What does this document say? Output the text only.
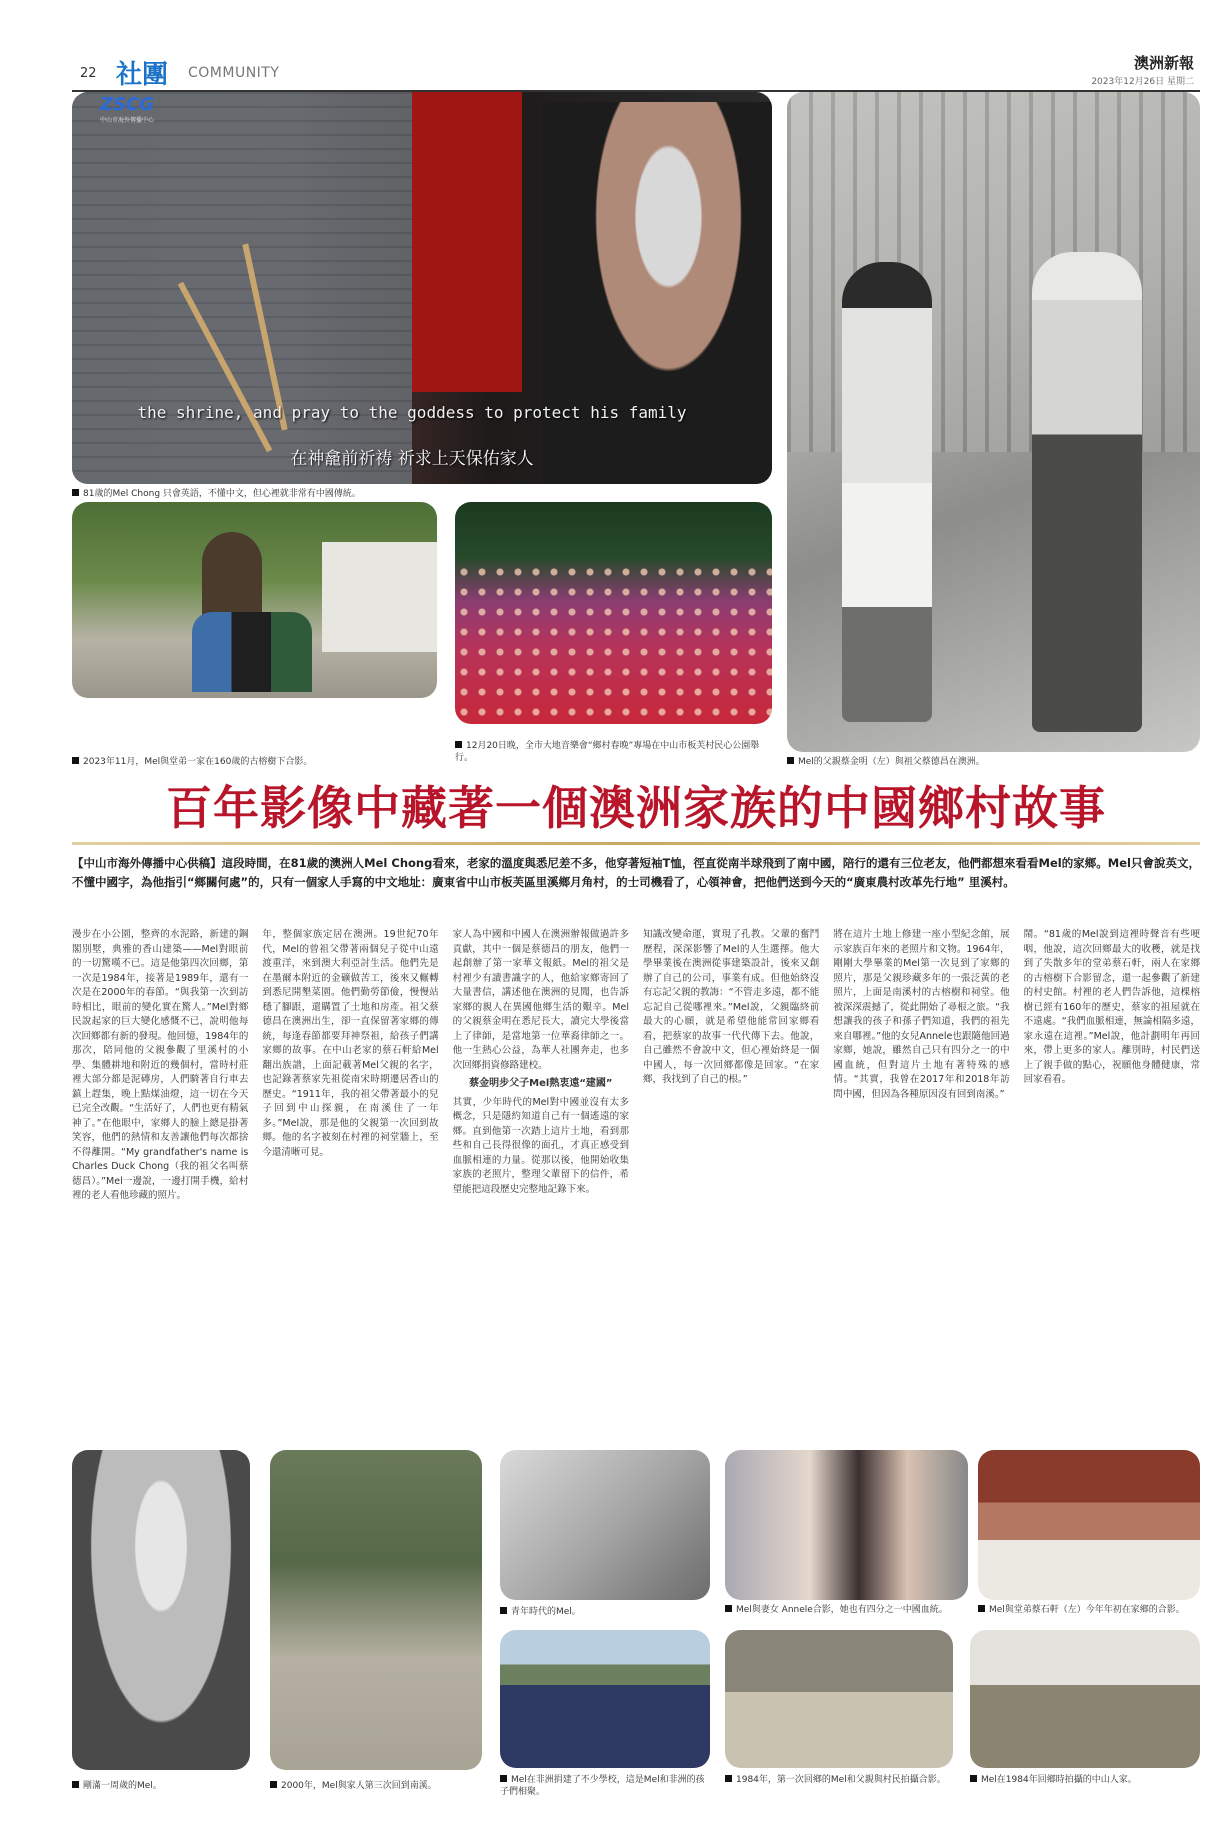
22 社團 COMMUNITY
澳洲新報
2023年12月26日 星期二
ZSCG
中山市海外傳播中心
the shrine, and pray to the goddess to protect his family
在神龕前祈祷 祈求上天保佑家人
81歲的Mel Chong 只會英語，不懂中文，但心裡就非常有中國傳統。
Mel的父親蔡金明（左）與祖父蔡德昌在澳洲。
2023年11月，Mel與堂弟一家在160歲的古榕樹下合影。
12月20日晚，全市大地音樂會“鄉村春晚”專場在中山市板芙村民心公園舉行。
百年影像中藏著一個澳洲家族的中國鄉村故事
【中山市海外傳播中心供稿】這段時間，在81歲的澳洲人Mel Chong看來，老家的溫度與悉尼差不多，他穿著短袖T恤，徑直從南半球飛到了南中國，陪行的還有三位老友，他們都想來看看Mel的家鄉。Mel只會說英文，不懂中國字，為他指引“鄉關何處”的，只有一個家人手寫的中文地址：廣東省中山市板芙區里溪鄉月角村，的士司機看了，心領神會，把他們送到今天的“廣東農村改革先行地” 里溪村。
漫步在小公園，整齊的水泥路，新建的鋼閣別墅，典雅的香山建築——Mel對眼前的一切驚嘆不已。這是他第四次回鄉，第一次是1984年，接著是1989年，還有一次是在2000年的春節。“與我第一次到訪時相比，眼前的變化實在驚人。”Mel對鄉民說起家的巨大變化感慨不已，說明他每次回鄉都有新的發現。他回憶，1984年的那次，陪同他的父親參觀了里溪村的小學、集體耕地和附近的幾個村，當時村莊裡大部分都是泥磚房，人們騎著自行車去鎮上趕集，晚上點煤油燈，這一切在今天已完全改觀。“生活好了，人們也更有精氣神了。”在他眼中，家鄉人的臉上總是掛著笑容，他們的熱情和友善讓他們每次都捨不得離開。“My grandfather's name is Charles Duck Chong（我的祖父名叫蔡德昌）。”Mel一邊說，一邊打開手機，給村裡的老人看他珍藏的照片。
年，整個家族定居在澳洲。19世紀70年代，Mel的曾祖父帶著兩個兒子從中山遠渡重洋，來到澳大利亞討生活。他們先是在墨爾本附近的金礦做苦工，後來又輾轉到悉尼開墾菜園。他們勤勞節儉，慢慢站穩了腳跟，還購置了土地和房產。祖父蔡德昌在澳洲出生，卻一直保留著家鄉的傳統，每逢春節都要拜神祭祖，給孩子們講家鄉的故事。在中山老家的蔡石軒給Mel翻出族譜，上面記載著Mel父親的名字，也記錄著蔡家先祖從南宋時期遷居香山的歷史。“1911年，我的祖父帶著最小的兒子回到中山探親，在南溪住了一年多。”Mel說，那是他的父親第一次回到故鄉。他的名字被刻在村裡的祠堂牆上，至今還清晰可見。
家人為中國和中國人在澳洲辦報做過許多貢獻，其中一個是蔡德昌的朋友，他們一起創辦了第一家華文報紙。Mel的祖父是村裡少有讀書識字的人，他給家鄉寄回了大量書信，講述他在澳洲的見聞，也告訴家鄉的親人在異國他鄉生活的艱辛。Mel的父親蔡金明在悉尼長大，讀完大學後當上了律師，是當地第一位華裔律師之一。他一生熱心公益，為華人社團奔走，也多次回鄉捐資修路建校。
蔡金明步父子Mel熱衷遠“建國”
其實，少年時代的Mel對中國並沒有太多概念，只是隱約知道自己有一個遙遠的家鄉。直到他第一次踏上這片土地，看到那些和自己長得很像的面孔，才真正感受到血脈相連的力量。從那以後，他開始收集家族的老照片，整理父輩留下的信件，希望能把這段歷史完整地記錄下來。
知識改變命運，實現了孔教。父輩的奮鬥歷程，深深影響了Mel的人生選擇。他大學畢業後在澳洲從事建築設計，後來又創辦了自己的公司，事業有成。但他始終沒有忘記父親的教誨：“不管走多遠，都不能忘記自己從哪裡來。”Mel說，父親臨終前最大的心願，就是希望他能常回家鄉看看，把蔡家的故事一代代傳下去。他說，自己雖然不會說中文，但心裡始終是一個中國人，每一次回鄉都像是回家。“在家鄉，我找到了自己的根。”
將在這片土地上修建一座小型紀念館，展示家族百年來的老照片和文物。1964年，剛剛大學畢業的Mel第一次見到了家鄉的照片，那是父親珍藏多年的一張泛黃的老照片，上面是南溪村的古榕樹和祠堂。他被深深震撼了，從此開始了尋根之旅。“我想讓我的孩子和孫子們知道，我們的祖先來自哪裡。”他的女兒Annele也跟隨他回過家鄉，她說，雖然自己只有四分之一的中國血統，但對這片土地有著特殊的感情。“其實，我曾在2017年和2018年訪問中國，但因為各種原因沒有回到南溪。”
鬧。“81歲的Mel說到這裡時聲音有些哽咽，他說，這次回鄉最大的收穫，就是找到了失散多年的堂弟蔡石軒，兩人在家鄉的古榕樹下合影留念，還一起參觀了新建的村史館。村裡的老人們告訴他，這棵榕樹已經有160年的歷史，蔡家的祖屋就在不遠處。“我們血脈相連，無論相隔多遠，家永遠在這裡。”Mel說，他計劃明年再回來，帶上更多的家人。離別時，村民們送上了親手做的點心，祝願他身體健康，常回家看看。
剛滿一周歲的Mel。	2000年，Mel與家人第三次回到南溪。
青年時代的Mel。
Mel在非洲捐建了不少學校，這是Mel和非洲的孩子們相聚。
Mel與妻女 Annele合影，她也有四分之一中國血統。
1984年，第一次回鄉的Mel和父親與村民拍攝合影。
Mel與堂弟蔡石軒（左）今年年初在家鄉的合影。
Mel在1984年回鄉時拍攝的中山人家。
